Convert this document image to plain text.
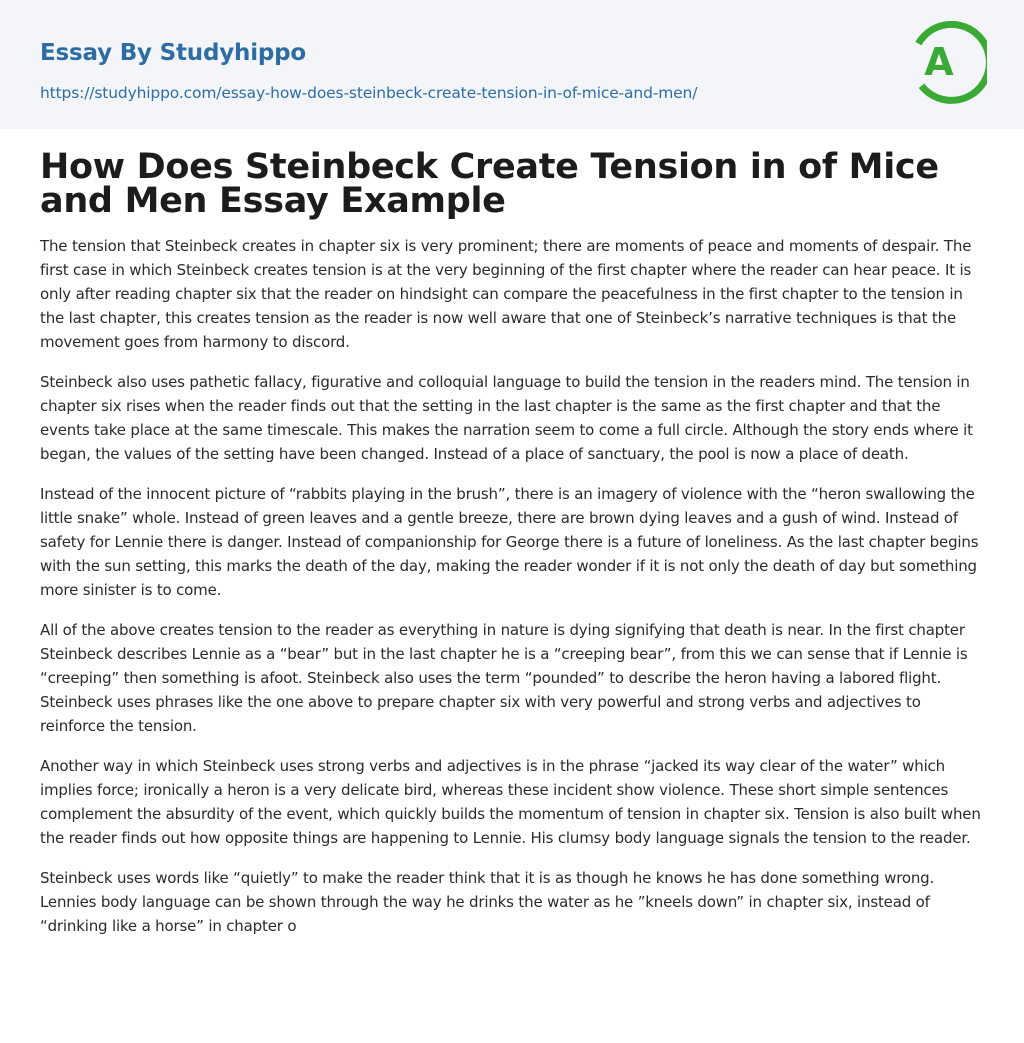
Essay By Studyhippo
https://studyhippo.com/essay-how-does-steinbeck-create-tension-in-of-mice-and-men/
A
How Does Steinbeck Create Tension in of Mice and Men Essay Example

The tension that Steinbeck creates in chapter six is very prominent; there are moments of peace and moments of despair. The first case in which Steinbeck creates tension is at the very beginning of the first chapter where the reader can hear peace. It is only after reading chapter six that the reader on hindsight can compare the peacefulness in the first chapter to the tension in the last chapter, this creates tension as the reader is now well aware that one of Steinbeck’s narrative techniques is that the movement goes from harmony to discord.

Steinbeck also uses pathetic fallacy, figurative and colloquial language to build the tension in the readers mind. The tension in chapter six rises when the reader finds out that the setting in the last chapter is the same as the first chapter and that the events take place at the same timescale. This makes the narration seem to come a full circle. Although the story ends where it began, the values of the setting have been changed. Instead of a place of sanctuary, the pool is now a place of death.

Instead of the innocent picture of “rabbits playing in the brush”, there is an imagery of violence with the “heron swallowing the little snake” whole. Instead of green leaves and a gentle breeze, there are brown dying leaves and a gush of wind. Instead of safety for Lennie there is danger. Instead of companionship for George there is a future of loneliness. As the last chapter begins with the sun setting, this marks the death of the day, making the reader wonder if it is not only the death of day but something more sinister is to come.

All of the above creates tension to the reader as everything in nature is dying signifying that death is near. In the first chapter Steinbeck describes Lennie as a “bear” but in the last chapter he is a “creeping bear”, from this we can sense that if Lennie is “creeping” then something is afoot. Steinbeck also uses the term “pounded” to describe the heron having a labored flight. Steinbeck uses phrases like the one above to prepare chapter six with very powerful and strong verbs and adjectives to reinforce the tension.

Another way in which Steinbeck uses strong verbs and adjectives is in the phrase “jacked its way clear of the water” which implies force; ironically a heron is a very delicate bird, whereas these incident show violence. These short simple sentences complement the absurdity of the event, which quickly builds the momentum of tension in chapter six. Tension is also built when the reader finds out how opposite things are happening to Lennie. His clumsy body language signals the tension to the reader.

Steinbeck uses words like “quietly” to make the reader think that it is as though he knows he has done something wrong. Lennies body language can be shown through the way he drinks the water as he ”kneels down” in chapter six, instead of “drinking like a horse” in chapter o
